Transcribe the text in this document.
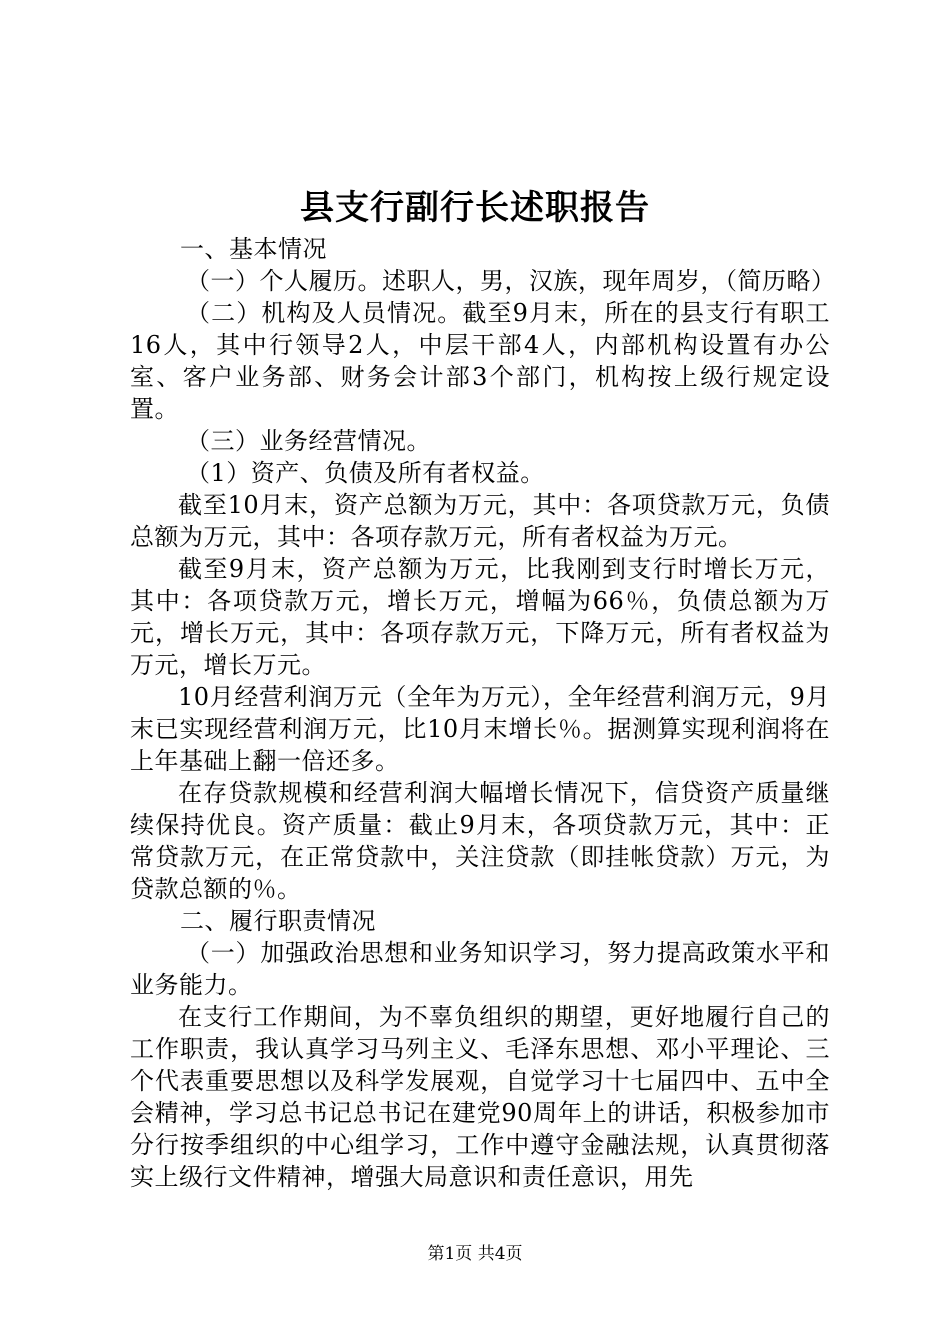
县支行副行长述职报告

一、基本情况

（一）个人履历。述职人，男，汉族，现年周岁，（简历略）

（二）机构及人员情况。截至9月末，所在的县支行有职工16人，其中行领导2人，中层干部4人，内部机构设置有办公室、客户业务部、财务会计部3个部门，机构按上级行规定设置。

（三）业务经营情况。

（1）资产、负债及所有者权益。

截至10月末，资产总额为万元，其中：各项贷款万元，负债总额为万元，其中：各项存款万元，所有者权益为万元。

截至9月末，资产总额为万元，比我刚到支行时增长万元，其中：各项贷款万元，增长万元，增幅为66％，负债总额为万元，增长万元，其中：各项存款万元，下降万元，所有者权益为万元，增长万元。

10月经营利润万元（全年为万元），全年经营利润万元，9月末已实现经营利润万元，比10月末增长％。据测算实现利润将在上年基础上翻一倍还多。

在存贷款规模和经营利润大幅增长情况下，信贷资产质量继续保持优良。资产质量：截止9月末，各项贷款万元，其中：正常贷款万元，在正常贷款中，关注贷款（即挂帐贷款）万元，为贷款总额的％。

二、履行职责情况

（一）加强政治思想和业务知识学习，努力提高政策水平和业务能力。

在支行工作期间，为不辜负组织的期望，更好地履行自己的工作职责，我认真学习马列主义、毛泽东思想、邓小平理论、三个代表重要思想以及科学发展观，自觉学习十七届四中、五中全会精神，学习总书记总书记在建党90周年上的讲话，积极参加市分行按季组织的中心组学习，工作中遵守金融法规，认真贯彻落实上级行文件精神，增强大局意识和责任意识，用先

第1页 共4页
